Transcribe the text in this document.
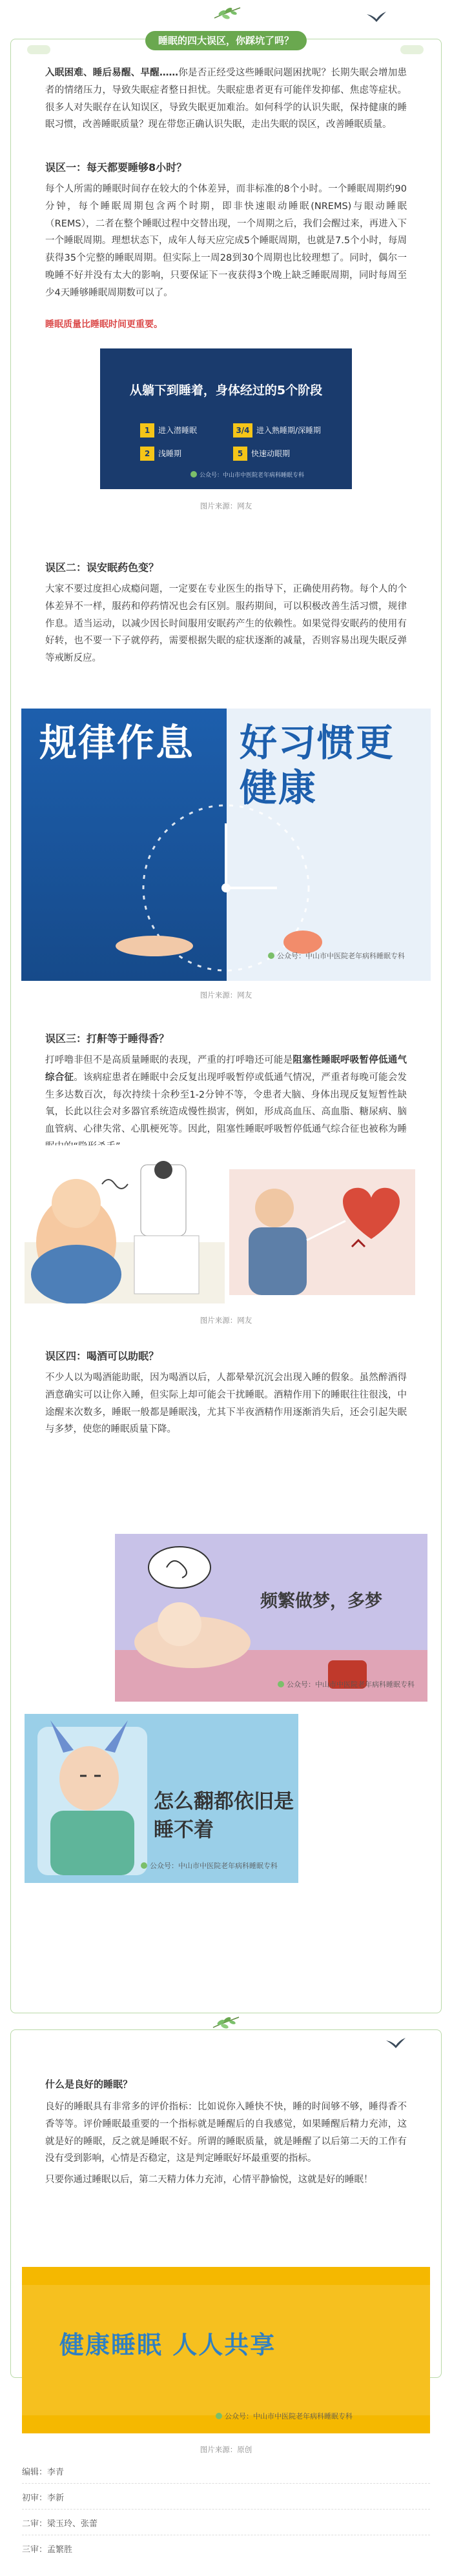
睡眠的四大误区，你踩坑了吗？

入眠困难、睡后易醒、早醒……你是否正经受这些睡眠问题困扰呢？长期失眠会增加患者的情绪压力，导致失眠症者整日担忧。失眠症患者更有可能伴发抑郁、焦虑等症状。很多人对失眠存在认知误区，导致失眠更加难治。如何科学的认识失眠，保持健康的睡眠习惯，改善睡眠质量？现在带您正确认识失眠，走出失眠的误区，改善睡眠质量。

误区一：每天都要睡够8小时？
每个人所需的睡眠时间存在较大的个体差异，而非标准的8个小时。一个睡眠周期约90分钟，每个睡眠周期包含两个时期，即非快速眼动睡眠(NREMS)与眼动睡眠（REMS），二者在整个睡眠过程中交替出现，一个周期之后，我们会醒过来，再进入下一个睡眠周期。理想状态下，成年人每天应完成5个睡眠周期，也就是7.5个小时，每周获得35个完整的睡眠周期。但实际上一周28到30个周期也比较理想了。同时，偶尔一晚睡不好并没有太大的影响，只要保证下一夜获得3个晚上缺乏睡眠周期，同时每周至少4天睡够睡眠周期数可以了。
睡眠质量比睡眠时间更重要。
从躺下到睡着，身体经过的5个阶段
1 进入潜睡眠	3/4 进入熟睡期/深睡期
2 浅睡期	5 快速动眼期
公众号：中山市中医院老年病科睡眠专科
图片来源：网友
误区二：误安眠药色变？
大家不要过度担心成瘾问题，一定要在专业医生的指导下，正确使用药物。每个人的个体差异不一样，服药和停药情况也会有区别。服药期间，可以积极改善生活习惯，规律作息。适当运动，以减少因长时间服用安眠药产生的依赖性。如果觉得安眠药的使用有好转，也不要一下子就停药，需要根据失眠的症状逐渐的减量，否则容易出现失眠反弹等戒断反应。
规律作息 好习惯更健康
公众号：中山市中医院老年病科睡眠专科
图片来源：网友
误区三：打鼾等于睡得香？
打呼噜非但不是高质量睡眠的表现，严重的打呼噜还可能是阻塞性睡眠呼吸暂停低通气综合征。该病症患者在睡眠中会反复出现呼吸暂停或低通气情况，严重者每晚可能会发生多达数百次，每次持续十余秒至1-2分钟不等，令患者大脑、身体出现反复短暂性缺氧，长此以往会对多器官系统造成慢性损害，例如，形成高血压、高血脂、糖尿病、脑血管病、心律失常、心肌梗死等。因此，阻塞性睡眠呼吸暂停低通气综合征也被称为睡
图片来源：网友
误区四：喝酒可以助眠？
不少人以为喝酒能助眠，因为喝酒以后，人都晕晕沉沉会出现入睡的假象。虽然醉酒得酒意确实可以让你入睡，但实际上却可能会干扰睡眠。酒精作用下的睡眠往往很浅，中途醒来次数多，睡眠一般都是睡眠浅，尤其下半夜酒精作用逐渐消失后，还会引起失眠与多梦，使您的睡眠质量下降。
频繁做梦，多梦
公众号：中山市中医院老年病科睡眠专科
怎么翻都依旧是睡不着
公众号：中山市中医院老年病科睡眠专科
什么是良好的睡眠？

良好的睡眠具有非常多的评价指标：比如说你入睡快不快，睡的时间够不够，睡得香不香等等。评价睡眠最重要的一个指标就是睡醒后的自我感觉，如果睡醒后精力充沛，这就是好的睡眠，反之就是睡眠不好。所谓的睡眠质量，就是睡醒了以后第二天的工作有没有受到影响，心情是否稳定，这是判定睡眠好坏最重要的指标。

只要你通过睡眠以后，第二天精力体力充沛，心情平静愉悦，这就是好的睡眠！

健康睡眠 人人共享
公众号：中山市中医院老年病科睡眠专科
图片来源：原创
编辑：李青
初审：李新
二审：梁玉玲、张蕾
三审：孟繁胜
